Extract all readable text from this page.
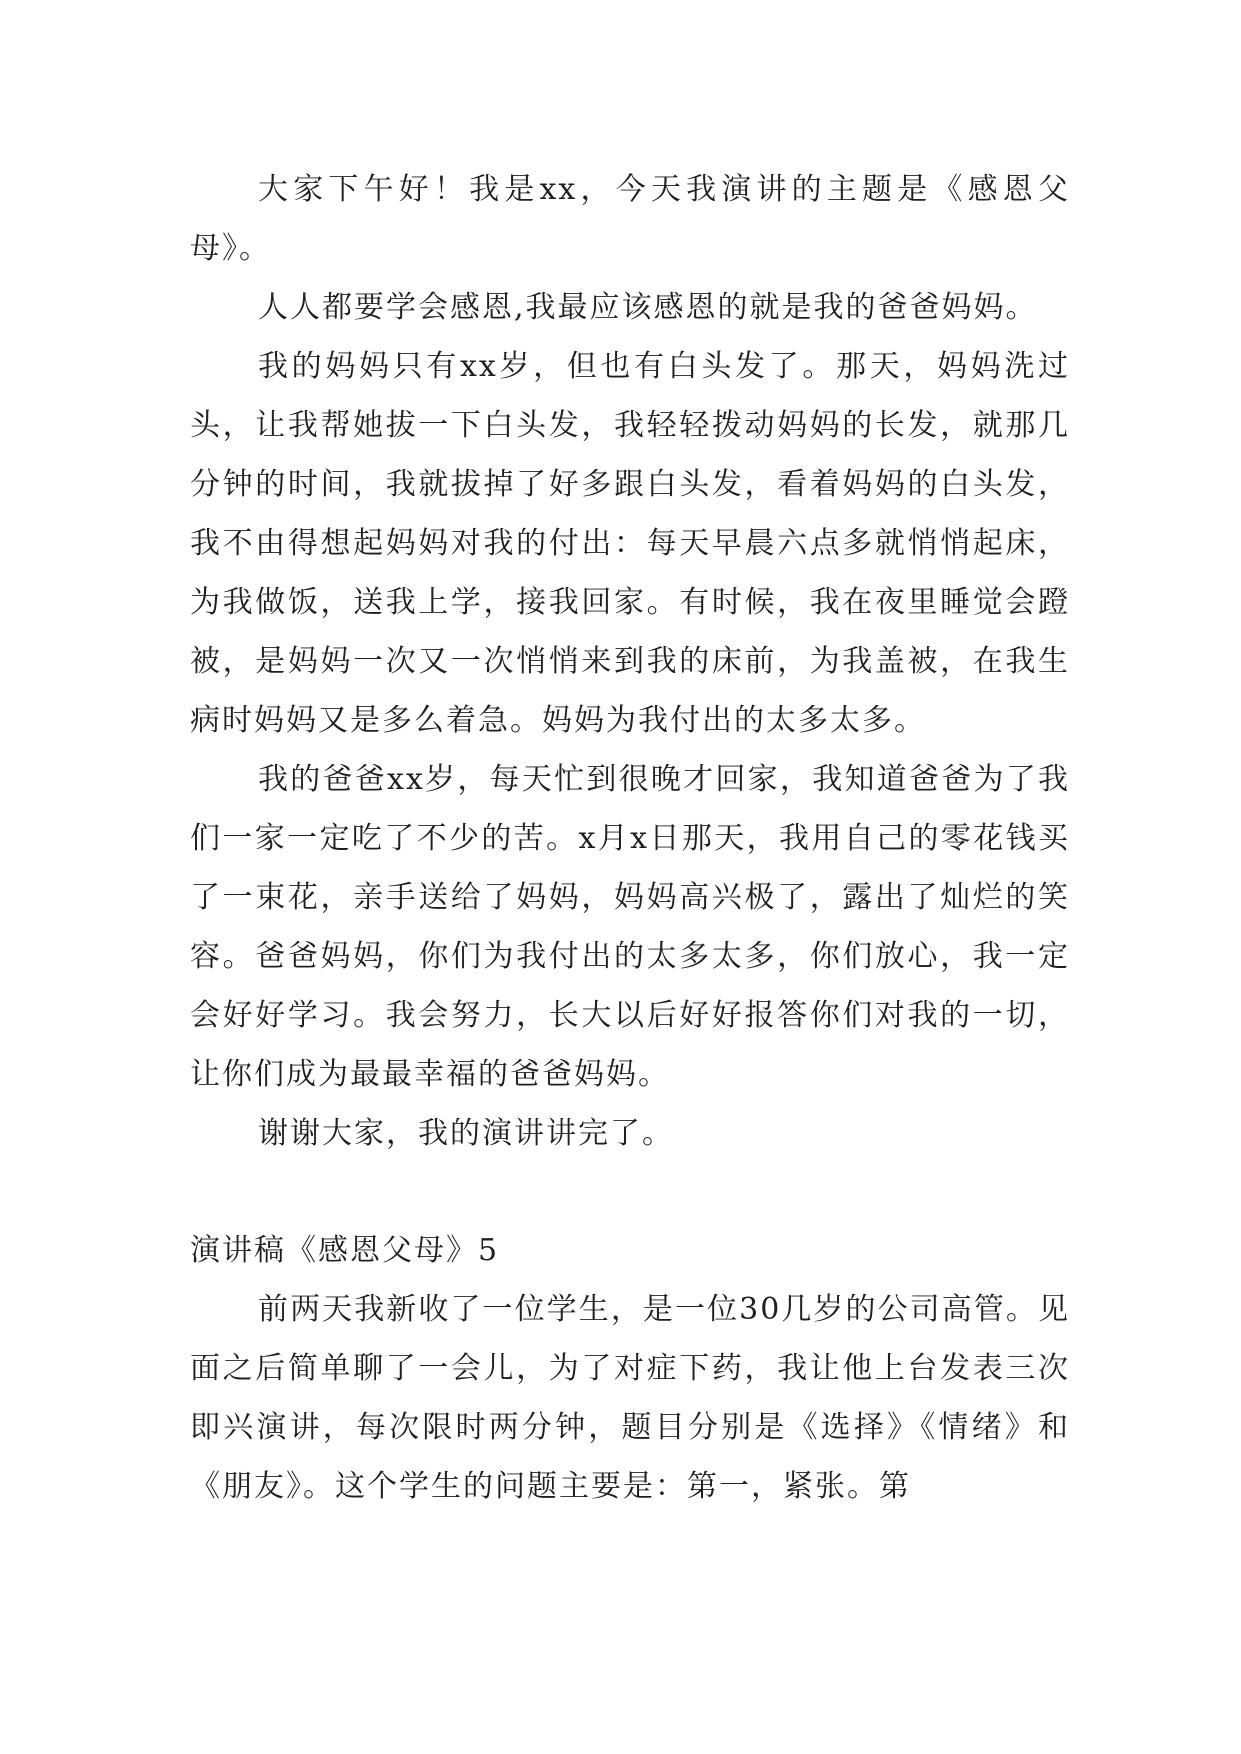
大家下午好！我是xx，今天我演讲的主题是《感恩父母》。

人人都要学会感恩,我最应该感恩的就是我的爸爸妈妈。

我的妈妈只有xx岁，但也有白头发了。那天，妈妈洗过头，让我帮她拔一下白头发，我轻轻拨动妈妈的长发，就那几分钟的时间，我就拔掉了好多跟白头发，看着妈妈的白头发，我不由得想起妈妈对我的付出：每天早晨六点多就悄悄起床，为我做饭，送我上学，接我回家。有时候，我在夜里睡觉会蹬被，是妈妈一次又一次悄悄来到我的床前，为我盖被，在我生病时妈妈又是多么着急。妈妈为我付出的太多太多。

我的爸爸xx岁，每天忙到很晚才回家，我知道爸爸为了我们一家一定吃了不少的苦。x月x日那天，我用自己的零花钱买了一束花，亲手送给了妈妈，妈妈高兴极了，露出了灿烂的笑容。爸爸妈妈，你们为我付出的太多太多，你们放心，我一定会好好学习。我会努力，长大以后好好报答你们对我的一切，让你们成为最最幸福的爸爸妈妈。

谢谢大家，我的演讲讲完了。

演讲稿《感恩父母》5

前两天我新收了一位学生，是一位30几岁的公司高管。见面之后简单聊了一会儿，为了对症下药，我让他上台发表三次即兴演讲，每次限时两分钟，题目分别是《选择》《情绪》和《朋友》。这个学生的问题主要是：第一，紧张。第
